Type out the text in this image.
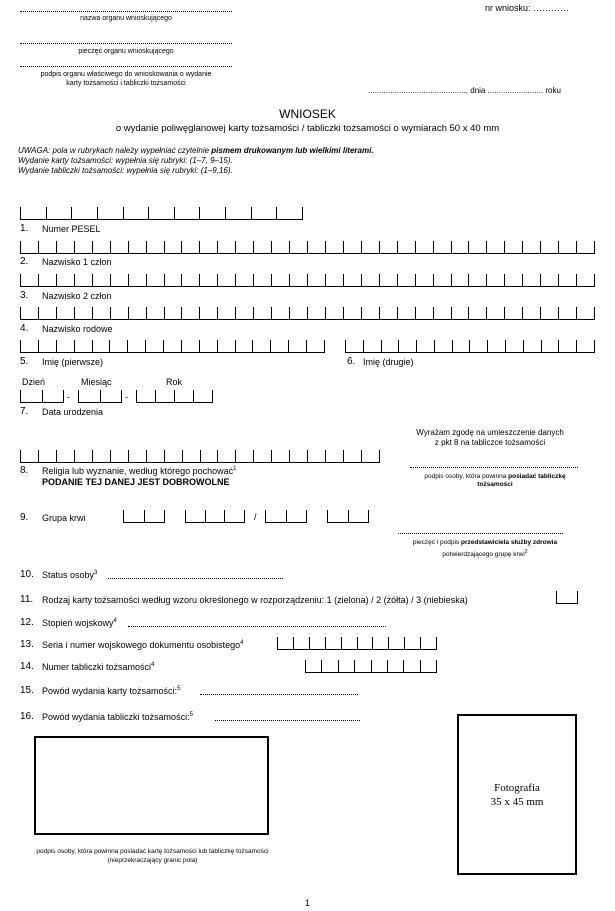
nazwa organu wnioskującego
nr wniosku: …………
pieczęć organu wnioskującego
podpis organu właściwego do wnioskowania o wydanie
karty tożsamości i tabliczki tożsamości
............................................, dnia ......................... roku
WNIOSEK
o wydanie poliwęglanowej karty tożsamości / tabliczki tożsamości o wymiarach 50 x 40 mm
UWAGA: pola w rubrykach należy wypełniać czytelnie pismem drukowanym lub wielkimi literami.
Wydanie karty tożsamości: wypełnia się rubryki: (1–7, 9–15).
Wydanie tabliczki tożsamości: wypełnia się rubryki: (1–9,16).
1. Numer PESEL
2. Nazwisko 1 człon
3. Nazwisko 2 człon
4. Nazwisko rodowe
5. Imię (pierwsze)	6. Imię (drugie)
Dzień	Miesiąc	Rok
-	-
7. Data urodzenia
Wyrażam zgodę na umieszczenie danych
z pkt 8 na tabliczce tożsamości
podpis osoby, która powinna posiadać tabliczkę
tożsamości
8. Religia lub wyznanie, według którego pochować$^1$
PODANIE TEJ DANEJ JEST DOBROWOLNE
9. Grupa krwi	/
pieczęć i podpis przedstawiciela służby zdrowia
potwierdzającego grupę krwi$^2$
10. Status osoby$^3$
11. Rodzaj karty tożsamości według wzoru określonego w rozporządzeniu: 1 (zielona) / 2 (żółta) / 3 (niebieska)
12. Stopień wojskowy$^4$
13. Seria i numer wojskowego dokumentu osobistego$^4$
14. Numer tabliczki tożsamości$^4$
15. Powód wydania karty tożsamości:$^5$
16. Powód wydania tabliczki tożsamości:$^5$
podpis osoby, która powinna posiadać kartę tożsamości lub tabliczkę tożsamości
(nieprzekraczający granic pola)
Fotografia
35 x 45 mm
1
